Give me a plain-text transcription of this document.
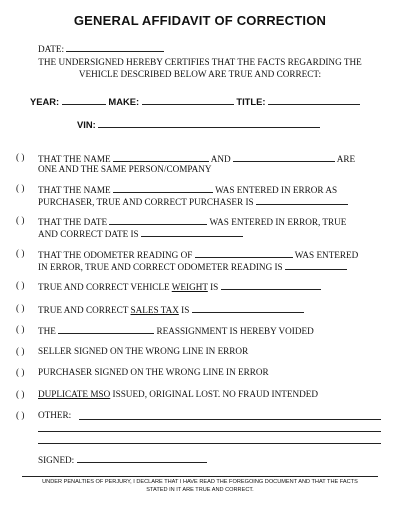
GENERAL AFFIDAVIT OF CORRECTION
DATE:
THE UNDERSIGNED HEREBY CERTIFIES THAT THE FACTS REGARDING THE
VEHICLE DESCRIBED BELOW ARE TRUE AND CORRECT:
YEAR:	MAKE:	TITLE:
VIN:
( ) THAT THE NAME	AND	ARE
ONE AND THE SAME PERSON/COMPANY
( ) THAT THE NAME	WAS ENTERED IN ERROR AS
PURCHASER, TRUE AND CORRECT PURCHASER IS
( ) THAT THE DATE	WAS ENTERED IN ERROR, TRUE
AND CORRECT DATE IS
( ) THAT THE ODOMETER READING OF	WAS ENTERED
IN ERROR, TRUE AND CORRECT ODOMETER READING IS
( ) TRUE AND CORRECT VEHICLE WEIGHT IS
( ) TRUE AND CORRECT SALES TAX IS
( ) THE	REASSIGNMENT IS HEREBY VOIDED
( ) SELLER SIGNED ON THE WRONG LINE IN ERROR
( ) PURCHASER SIGNED ON THE WRONG LINE IN ERROR
( ) DUPLICATE MSO ISSUED, ORIGINAL LOST. NO FRAUD INTENDED
( ) OTHER:
SIGNED:
UNDER PENALTIES OF PERJURY, I DECLARE THAT I HAVE READ THE FOREGOING DOCUMENT AND THAT THE FACTS
STATED IN IT ARE TRUE AND CORRECT.
